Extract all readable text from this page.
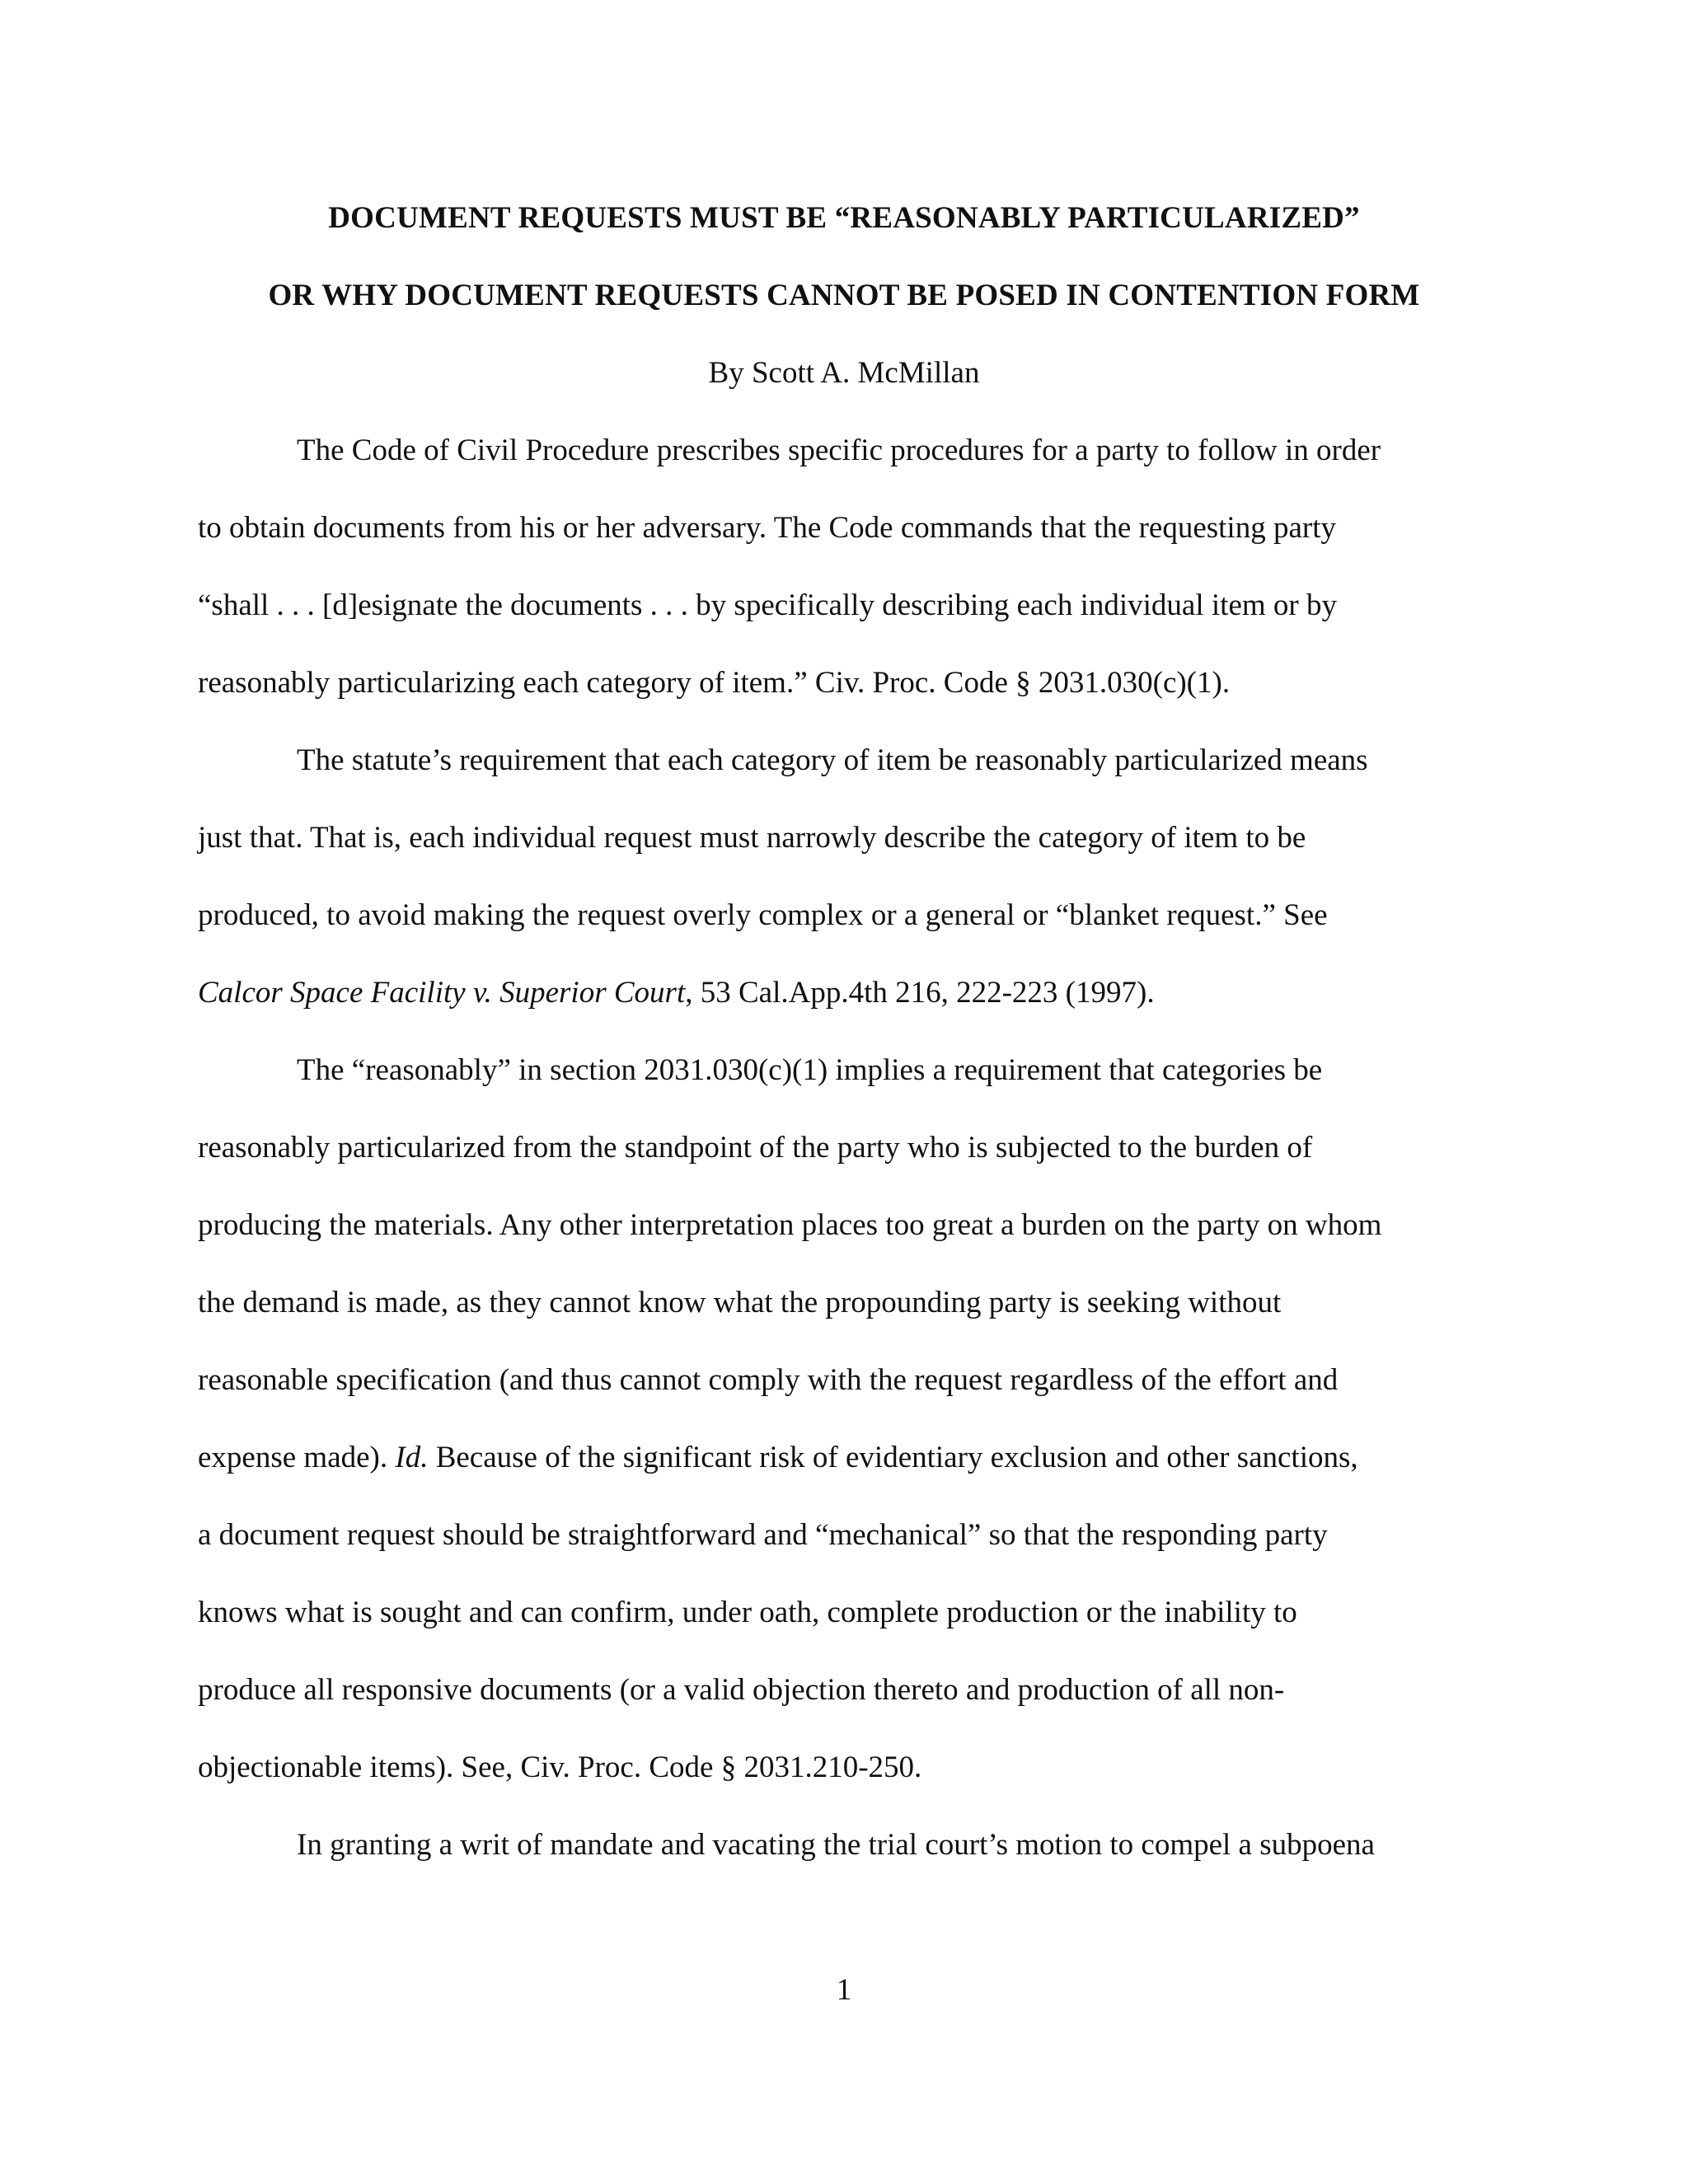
DOCUMENT REQUESTS MUST BE “REASONABLY PARTICULARIZED”
OR WHY DOCUMENT REQUESTS CANNOT BE POSED IN CONTENTION FORM
By Scott A. McMillan
The Code of Civil Procedure prescribes specific procedures for a party to follow in order
to obtain documents from his or her adversary. The Code commands that the requesting party
“shall . . . [d]esignate the documents . . . by specifically describing each individual item or by
reasonably particularizing each category of item.” Civ. Proc. Code § 2031.030(c)(1).
The statute’s requirement that each category of item be reasonably particularized means
just that. That is, each individual request must narrowly describe the category of item to be
produced, to avoid making the request overly complex or a general or “blanket request.” See
Calcor Space Facility v. Superior Court, 53 Cal.App.4th 216, 222-223 (1997).
The “reasonably” in section 2031.030(c)(1) implies a requirement that categories be
reasonably particularized from the standpoint of the party who is subjected to the burden of
producing the materials. Any other interpretation places too great a burden on the party on whom
the demand is made, as they cannot know what the propounding party is seeking without
reasonable specification (and thus cannot comply with the request regardless of the effort and
expense made). Id. Because of the significant risk of evidentiary exclusion and other sanctions,
a document request should be straightforward and “mechanical” so that the responding party
knows what is sought and can confirm, under oath, complete production or the inability to
produce all responsive documents (or a valid objection thereto and production of all non-
objectionable items). See, Civ. Proc. Code § 2031.210-250.
In granting a writ of mandate and vacating the trial court’s motion to compel a subpoena
1
